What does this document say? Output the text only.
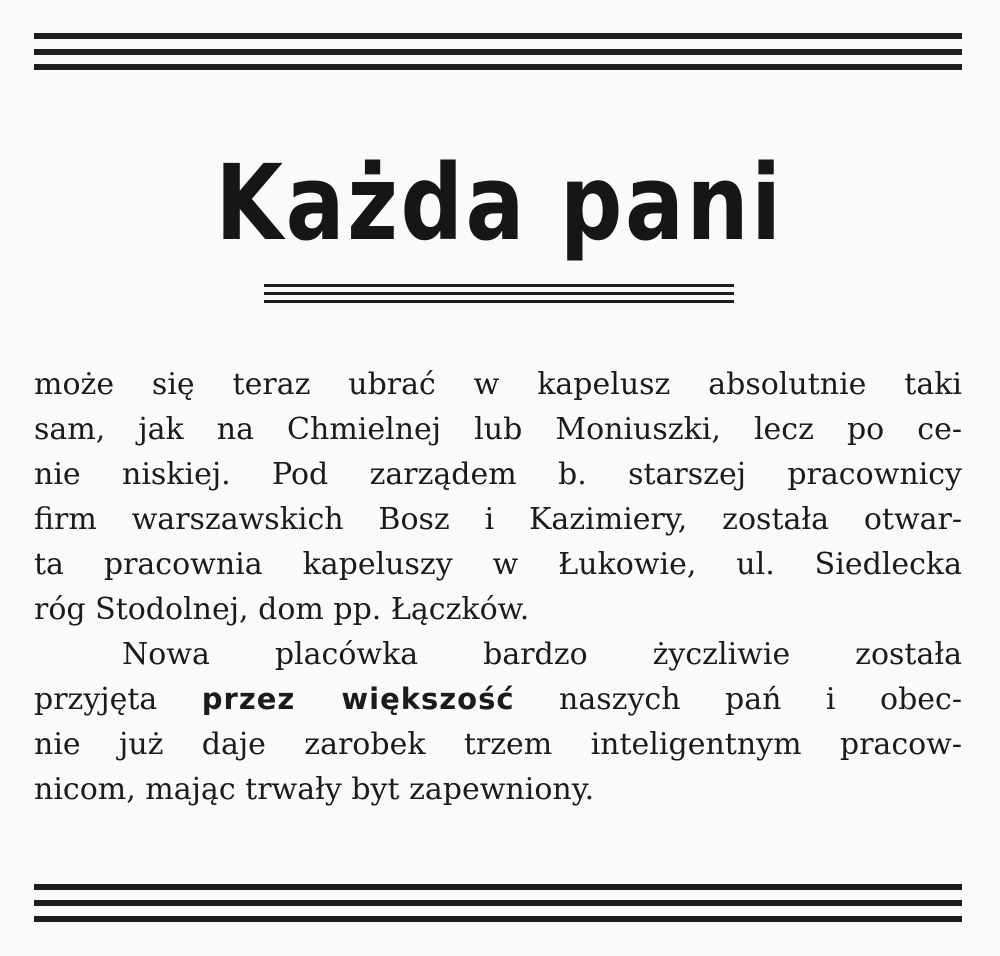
Każda pani
może się teraz ubrać w kapelusz absolutnie taki
sam, jak na Chmielnej lub Moniuszki, lecz po ce-
nie niskiej. Pod zarządem b. starszej pracownicy
firm warszawskich Bosz i Kazimiery, została otwar-
ta pracownia kapeluszy w Łukowie, ul. Siedlecka
róg Stodolnej, dom pp. Łączków.
Nowa placówka bardzo życzliwie została
przyjęta przez większość naszych pań i obec-
nie już daje zarobek trzem inteligentnym pracow-
nicom, mając trwały byt zapewniony.
